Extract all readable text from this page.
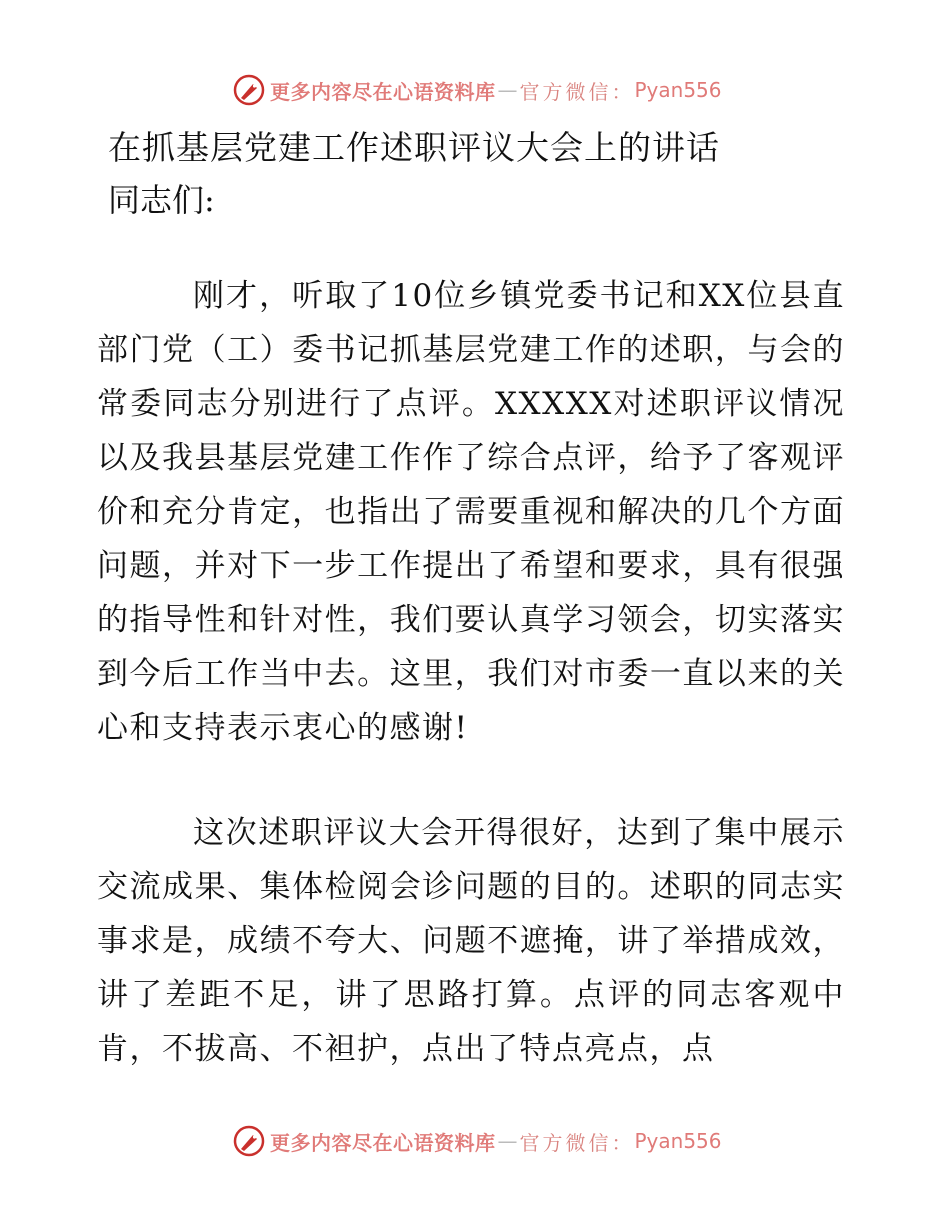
更多内容尽在心语资料库 — 官方微信： Pyan556
在抓基层党建工作述职评议大会上的讲话
同志们:

刚才，听取了10位乡镇党委书记和XX位县直部门党（工）委书记抓基层党建工作的述职，与会的常委同志分别进行了点评。XXXXX对述职评议情况以及我县基层党建工作作了综合点评，给予了客观评价和充分肯定，也指出了需要重视和解决的几个方面问题，并对下一步工作提出了希望和要求，具有很强的指导性和针对性，我们要认真学习领会，切实落实到今后工作当中去。这里，我们对市委一直以来的关心和支持表示衷心的感谢!

这次述职评议大会开得很好，达到了集中展示交流成果、集体检阅会诊问题的目的。述职的同志实事求是，成绩不夸大、问题不遮掩，讲了举措成效，讲了差距不足，讲了思路打算。点评的同志客观中肯，不拔高、不袒护，点出了特点亮点，点

更多内容尽在心语资料库 — 官方微信： Pyan556
